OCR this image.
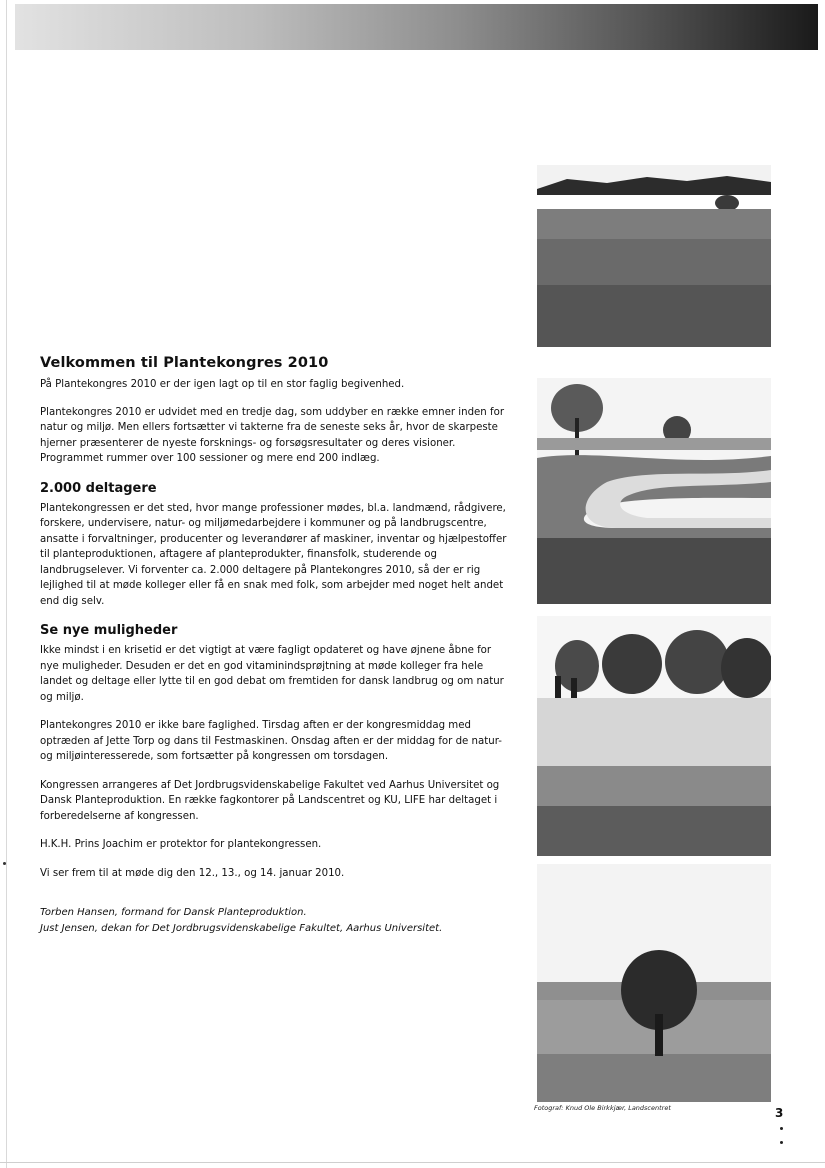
Velkommen til Plantekongres 2010

På Plantekongres 2010 er der igen lagt op til en stor faglig begivenhed.

Plantekongres 2010 er udvidet med en tredje dag, som uddyber en række emner inden for natur og miljø. Men ellers fortsætter vi takterne fra de seneste seks år, hvor de skarpeste hjerner præsenterer de nyeste forsknings- og forsøgsresultater og deres visioner. Programmet rummer over 100 sessioner og mere end 200 indlæg.

2.000 deltagere

Plantekongressen er det sted, hvor mange professioner mødes, bl.a. landmænd, rådgivere, forskere, undervisere, natur- og miljømedarbejdere i kommuner og på landbrugscentre, ansatte i forvaltninger, producenter og leverandører af maskiner, inventar og hjælpestoffer til planteproduktionen, aftagere af planteprodukter, finansfolk, studerende og landbrugselever. Vi forventer ca. 2.000 deltagere på Plantekongres 2010, så der er rig lejlighed til at møde kolleger eller få en snak med folk, som arbejder med noget helt andet end dig selv.

Se nye muligheder

Ikke mindst i en krisetid er det vigtigt at være fagligt opdateret og have øjnene åbne for nye muligheder. Desuden er det en god vitaminindsprøjtning at møde kolleger fra hele landet og deltage eller lytte til en god debat om fremtiden for dansk landbrug og om natur og miljø.

Plantekongres 2010 er ikke bare faglighed. Tirsdag aften er der kongresmiddag med optræden af Jette Torp og dans til Festmaskinen. Onsdag aften er der middag for de natur- og miljøinteresserede, som fortsætter på kongressen om torsdagen.

Kongressen arrangeres af Det Jordbrugsvidenskabelige Fakultet ved Aarhus Universitet og Dansk Planteproduktion. En række fagkontorer på Landscentret og KU, LIFE har deltaget i forberedelserne af kongressen.

H.K.H. Prins Joachim er protektor for plantekongressen.

Vi ser frem til at møde dig den 12., 13., og 14. januar 2010.

Torben Hansen, formand for Dansk Planteproduktion.
Just Jensen, dekan for Det Jordbrugsvidenskabelige Fakultet, Aarhus Universitet.
Fotograf: Knud Ole Birkkjær, Landscentret	3
